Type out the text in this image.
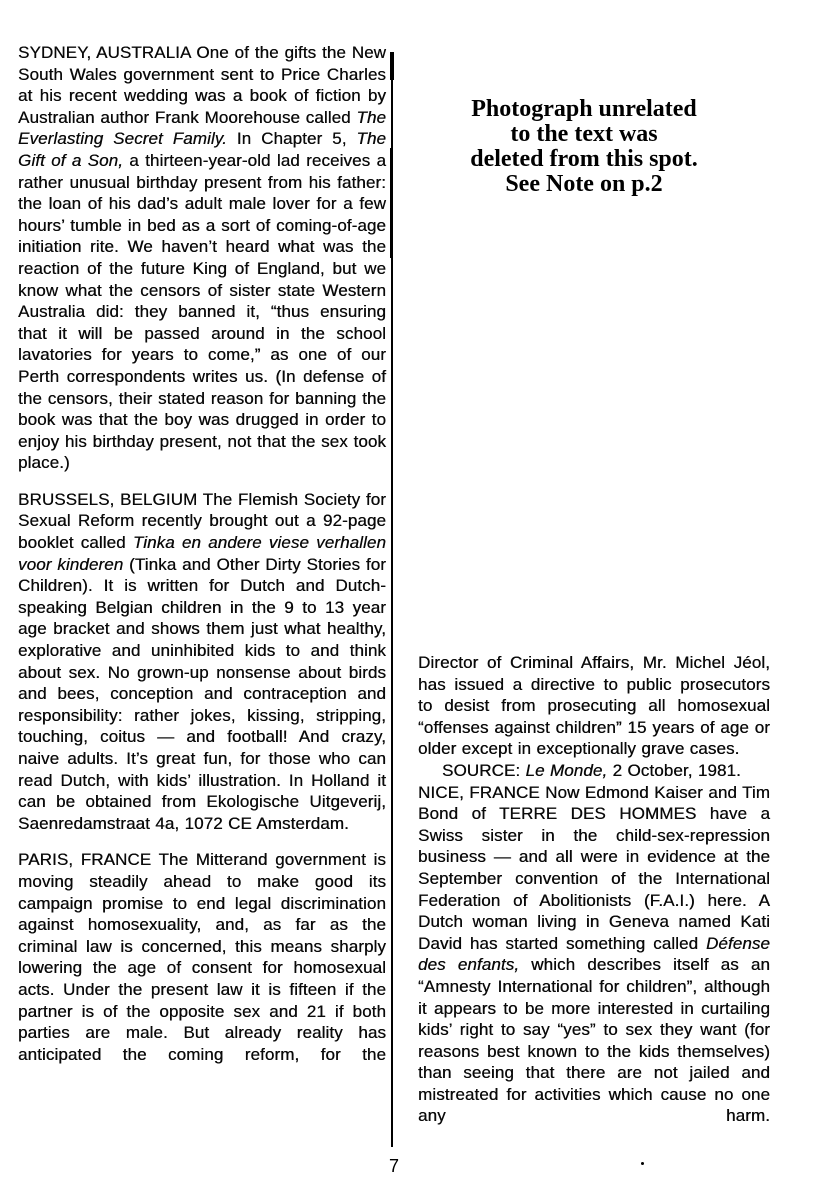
SYDNEY, AUSTRALIA One of the gifts the New South Wales government sent to Price Charles at his recent wedding was a book of fiction by Australian author Frank Moorehouse called The Everlasting Secret Family. In Chapter 5, The Gift of a Son, a thirteen-year-old lad receives a rather unusual birthday present from his father: the loan of his dad’s adult male lover for a few hours’ tumble in bed as a sort of coming-of-age initiation rite. We haven’t heard what was the reaction of the future King of England, but we know what the censors of sister state Western Australia did: they banned it, “thus ensuring that it will be passed around in the school lavatories for years to come,” as one of our Perth correspondents writes us. (In defense of the censors, their stated reason for banning the book was that the boy was drugged in order to enjoy his birthday present, not that the sex took place.)

BRUSSELS, BELGIUM The Flemish Society for Sexual Reform recently brought out a 92-page booklet called Tinka en andere viese verhallen voor kinderen (Tinka and Other Dirty Stories for Children). It is written for Dutch and Dutch-speaking Belgian children in the 9 to 13 year age bracket and shows them just what healthy, explorative and uninhibited kids to and think about sex. No grown-up nonsense about birds and bees, conception and contraception and responsibility: rather jokes, kissing, stripping, touching, coitus — and football! And crazy, naive adults. It’s great fun, for those who can read Dutch, with kids’ illustration. In Holland it can be obtained from Ekologische Uitgeverij, Saenredamstraat 4a, 1072 CE Amsterdam.

PARIS, FRANCE The Mitterand government is moving steadily ahead to make good its campaign promise to end legal discrimination against homosexuality, and, as far as the criminal law is concerned, this means sharply lowering the age of consent for homosexual acts. Under the present law it is fifteen if the partner is of the opposite sex and 21 if both parties are male. But already reality has anticipated the coming reform, for the

Photograph unrelated
to the text was
deleted from this spot.
See Note on p.2

Director of Criminal Affairs, Mr. Michel Jéol, has issued a directive to public prosecutors to desist from prosecuting all homosexual “offenses against children” 15 years of age or older except in exceptionally grave cases.

SOURCE: Le Monde, 2 October, 1981.

NICE, FRANCE Now Edmond Kaiser and Tim Bond of TERRE DES HOMMES have a Swiss sister in the child-sex-repression business — and all were in evidence at the September convention of the International Federation of Abolitionists (F.A.I.) here. A Dutch woman living in Geneva named Kati David has started something called Défense des enfants, which describes itself as an “Amnesty International for children”, although it appears to be more interested in curtailing kids’ right to say “yes” to sex they want (for reasons best known to the kids themselves) than seeing that there are not jailed and mistreated for activities which cause no one any harm.

7
